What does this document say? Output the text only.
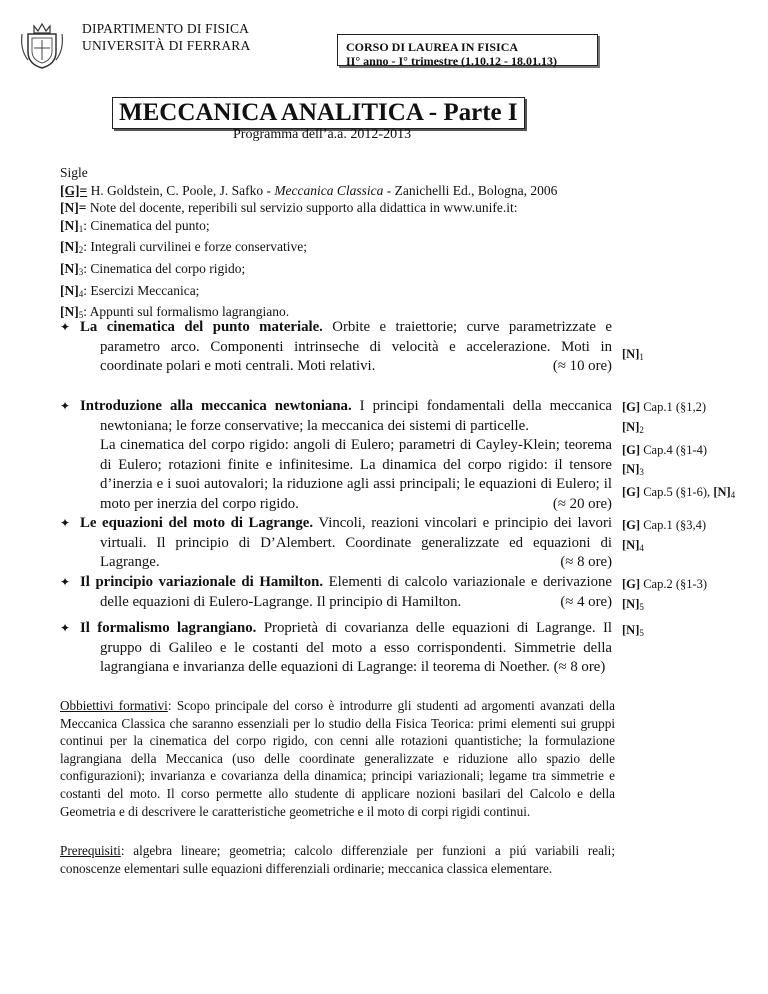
DIPARTIMENTO DI FISICA
UNIVERSITÀ DI FERRARA	CORSO DI LAUREA IN FISICA
II° anno - I° trimestre (1.10.12 - 18.01.13)
MECCANICA ANALITICA - Parte I
Programma dell’a.a. 2012-2013
Sigle
[G]= H. Goldstein, C. Poole, J. Safko - Meccanica Classica - Zanichelli Ed., Bologna, 2006
[N]= Note del docente, reperibili sul servizio supporto alla didattica in www.unife.it:
$[N]_1$: Cinematica del punto;
$[N]_2$: Integrali curvilinei e forze conservative;
$[N]_3$: Cinematica del corpo rigido;
$[N]_4$: Esercizi Meccanica;
$[N]_5$: Appunti sul formalismo lagrangiano.
✦ La cinematica del punto materiale. Orbite e traiettorie; curve parametrizzate e parametro arco. Componenti intrinseche di velocità e accelerazione. Moti in coordinate polari e moti centrali. Moti relativi.	(≈ 10 ore)
$[N]_1$
✦ Introduzione alla meccanica newtoniana. I principi fondamentali della meccanica newtoniana; le forze conservative; la meccanica dei sistemi di particelle.
La cinematica del corpo rigido: angoli di Eulero; parametri di Cayley-Klein; teorema di Eulero; rotazioni finite e infinitesime. La dinamica del corpo rigido: il tensore d’inerzia e i suoi autovalori; la riduzione agli assi principali; le equazioni di Eulero; il moto per inerzia del corpo rigido.	(≈ 20 ore)
[G] Cap.1 (§1,2)
$[N]_2$
[G] Cap.4 (§1-4)
$[N]_3$
[G] Cap.5 (§1-6), $[N]_4$
✦ Le equazioni del moto di Lagrange. Vincoli, reazioni vincolari e principio dei lavori virtuali. Il principio di D’Alembert. Coordinate generalizzate ed equazioni di Lagrange.	(≈ 8 ore)
[G] Cap.1 (§3,4)
$[N]_4$
✦ Il principio variazionale di Hamilton. Elementi di calcolo variazionale e derivazione delle equazioni di Eulero-Lagrange. Il principio di Hamilton.	(≈ 4 ore)
[G] Cap.2 (§1-3)
$[N]_5$
✦ Il formalismo lagrangiano. Proprietà di covarianza delle equazioni di Lagrange. Il gruppo di Galileo e le costanti del moto a esso corrispondenti. Simmetrie della lagrangiana e invarianza delle equazioni di Lagrange: il teorema di Noether. (≈ 8 ore)
$[N]_5$
Obbiettivi formativi: Scopo principale del corso è introdurre gli studenti ad argomenti avanzati della Meccanica Classica che saranno essenziali per lo studio della Fisica Teorica: primi elementi sui gruppi continui per la cinematica del corpo rigido, con cenni alle rotazioni quantistiche; la formulazione lagrangiana della Meccanica (uso delle coordinate generalizzate e riduzione allo spazio delle configurazioni); invarianza e covarianza della dinamica; principi variazionali; legame tra simmetrie e costanti del moto. Il corso permette allo studente di applicare nozioni basilari del Calcolo e della Geometria e di descrivere le caratteristiche geometriche e il moto di corpi rigidi continui.
Prerequisiti: algebra lineare; geometria; calcolo differenziale per funzioni a piú variabili reali; conoscenze elementari sulle equazioni differenziali ordinarie; meccanica classica elementare.
